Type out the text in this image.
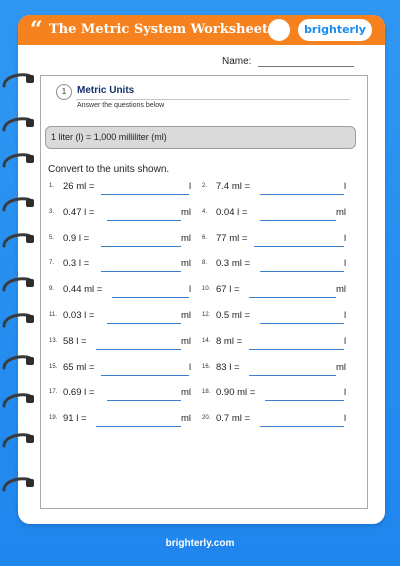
“ The Metric System Worksheet	brighterly
Name:
1	Metric Units
Answer the questions below
1 liter (l) = 1,000 milliliter (ml)
Convert to the units shown.
1. 26 ml =	l 2. 7.4 ml =	l
3. 0.47 l =	ml 4. 0.04 l =	ml
5. 0.9 l =	ml 6. 77 ml =	l
7. 0.3 l =	ml 8. 0.3 ml =	l
9. 0.44 ml =	l 10. 67 l =	ml
11. 0.03 l =	ml 12. 0.5 ml =	l
13. 58 l =	ml 14. 8 ml =	l
15. 65 ml =	l 16. 83 l =	ml
17. 0.69 l =	ml 18. 0.90 ml =	l
19. 91 l =	ml 20. 0.7 ml =	l
brighterly.com
